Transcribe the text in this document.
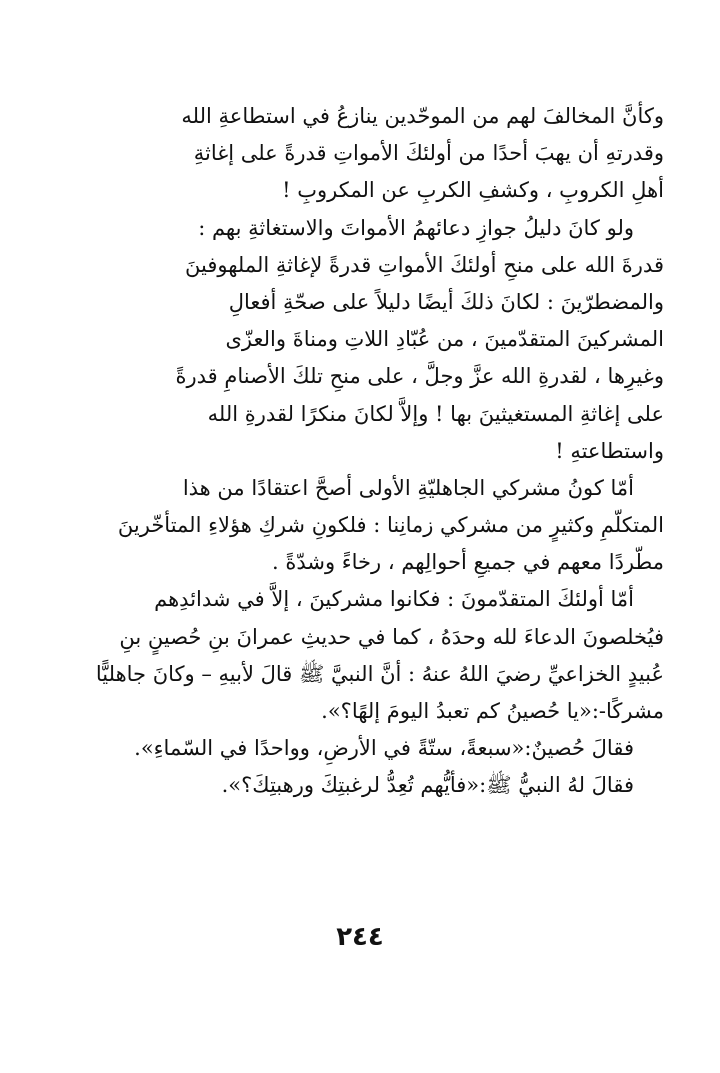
وكأنَّ المخالفَ لهم من الموحّدين ينازعُ في استطاعةِ الله
وقدرتهِ أن يهبَ أحدًا من أولئكَ الأمواتِ قدرةً على إغاثةِ
أهلِ الكروبِ ، وكشفِ الكربِ عن المكروبِ !
ولو كانَ دليلُ جوازِ دعائهمُ الأمواتَ والاستغاثةِ بهم :
قدرةَ الله على منحِ أولئكَ الأمواتِ قدرةً لإغاثةِ الملهوفينَ
والمضطرّينَ : لكانَ ذلكَ أيضًا دليلاً على صحّةِ أفعالِ
المشركينَ المتقدّمينَ ، من عُبّادِ اللاتِ ومناةَ والعزّى
وغيرِها ، لقدرةِ الله عزَّ وجلَّ ، على منحِ تلكَ الأصنامِ قدرةً
على إغاثةِ المستغيثينَ بها ! وإلاَّ لكانَ منكرًا لقدرةِ الله
واستطاعتهِ !
أمّا كونُ مشركي الجاهليّةِ الأولى أصحَّ اعتقادًا من هذا
المتكلّمِ وكثيرٍ من مشركي زمانِنا : فلكونِ شركِ هؤلاءِ المتأخّرينَ
مطّردًا معهم في جميعِ أحوالِهم ، رخاءً وشدّةً .
أمّا أولئكَ المتقدّمونَ : فكانوا مشركينَ ، إلاَّ في شدائدِهم
فيُخلصونَ الدعاءَ لله وحدَهُ ، كما في حديثِ عمرانَ بنِ حُصينٍ بنِ
عُبيدٍ الخزاعيِّ رضيَ اللهُ عنهُ : أنَّ النبيَّ ﷺ قالَ لأبيهِ – وكانَ جاهليًّا
مشركًا-:«يا حُصينُ كم تعبدُ اليومَ إلهًا؟».
فقالَ حُصينٌ:«سبعةً، ستّةً في الأرضِ، وواحدًا في السّماءِ».
فقالَ لهُ النبيُّ ﷺ:«فأيُّهم تُعِدُّ لرغبتِكَ ورهبتِكَ؟».
٢٤٤
